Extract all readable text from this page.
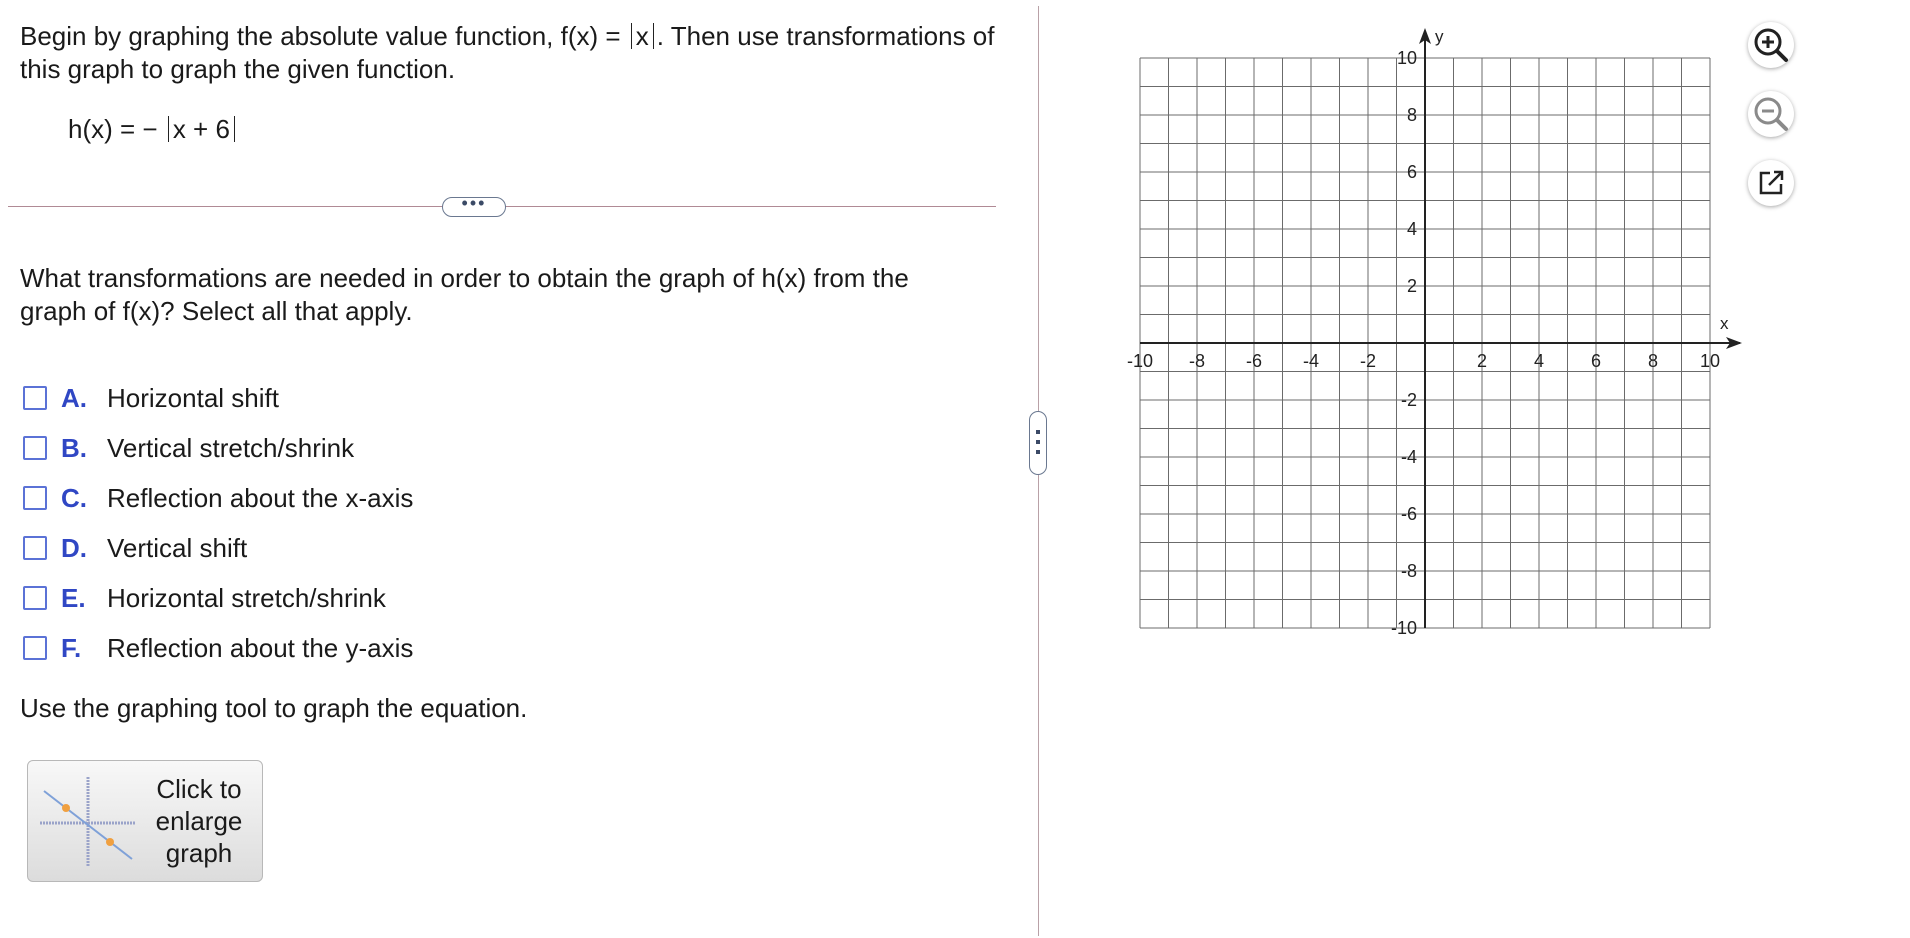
Begin by graphing the absolute value function, f(x) = x . Then use transformations of this graph to graph the given function.
h(x) = − x + 6
•••
What transformations are needed in order to obtain the graph of h(x) from the graph of f(x)? Select all that apply.
A. Horizontal shift
B. Vertical stretch/shrink
C. Reflection about the x-axis
D. Vertical shift
E. Horizontal stretch/shrink
F. Reflection about the y-axis
Use the graphing tool to graph the equation.
Click to
enlarge
graph
x
y
-10 -8 -6 -4 -2	2	4	6	8 10
10
8
6
4
2
-2
-4
-6
-8
-10
